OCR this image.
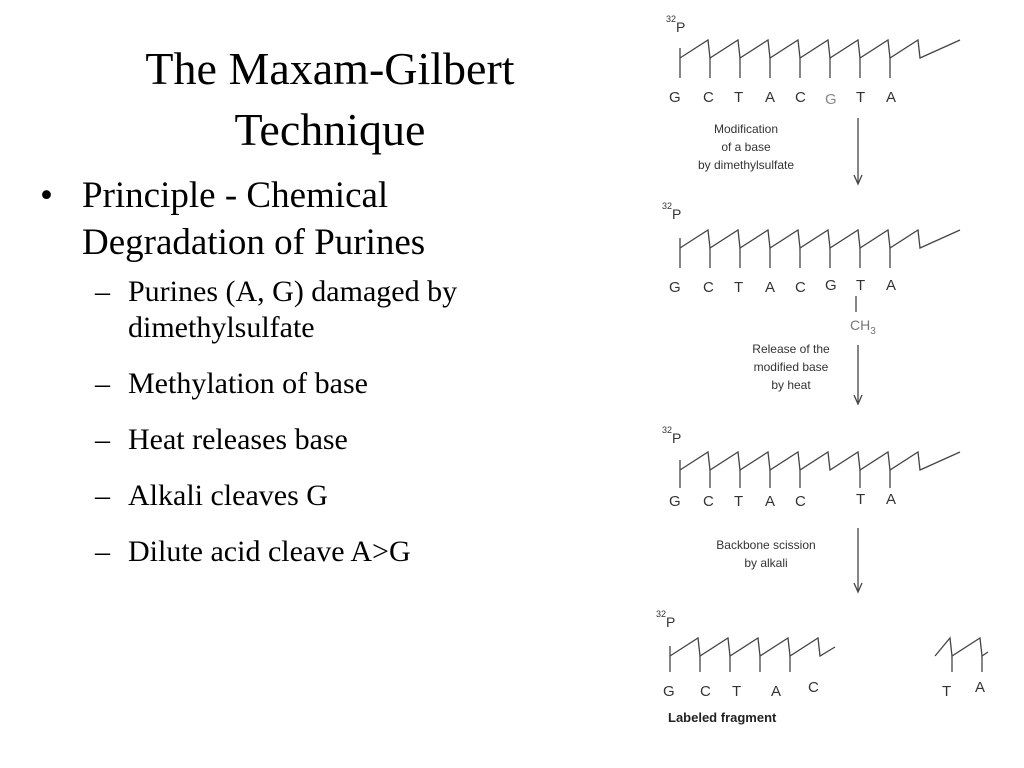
The Maxam-Gilbert
Technique
• Principle - Chemical
Degradation of Purines
– Purines (A, G) damaged by
dimethylsulfate
– Methylation of base
– Heat releases base
– Alkali cleaves G
– Dilute acid cleave A>G
32 P
G C T A C G T A
Modification
of a base
by dimethylsulfate
32 P
G C T A C G T A
$CH_3$
Release of the
modified base
by heat
32 P
G C T A C	T A
Backbone scission
by alkali
32 P
G C T A C	T A
Labeled fragment
